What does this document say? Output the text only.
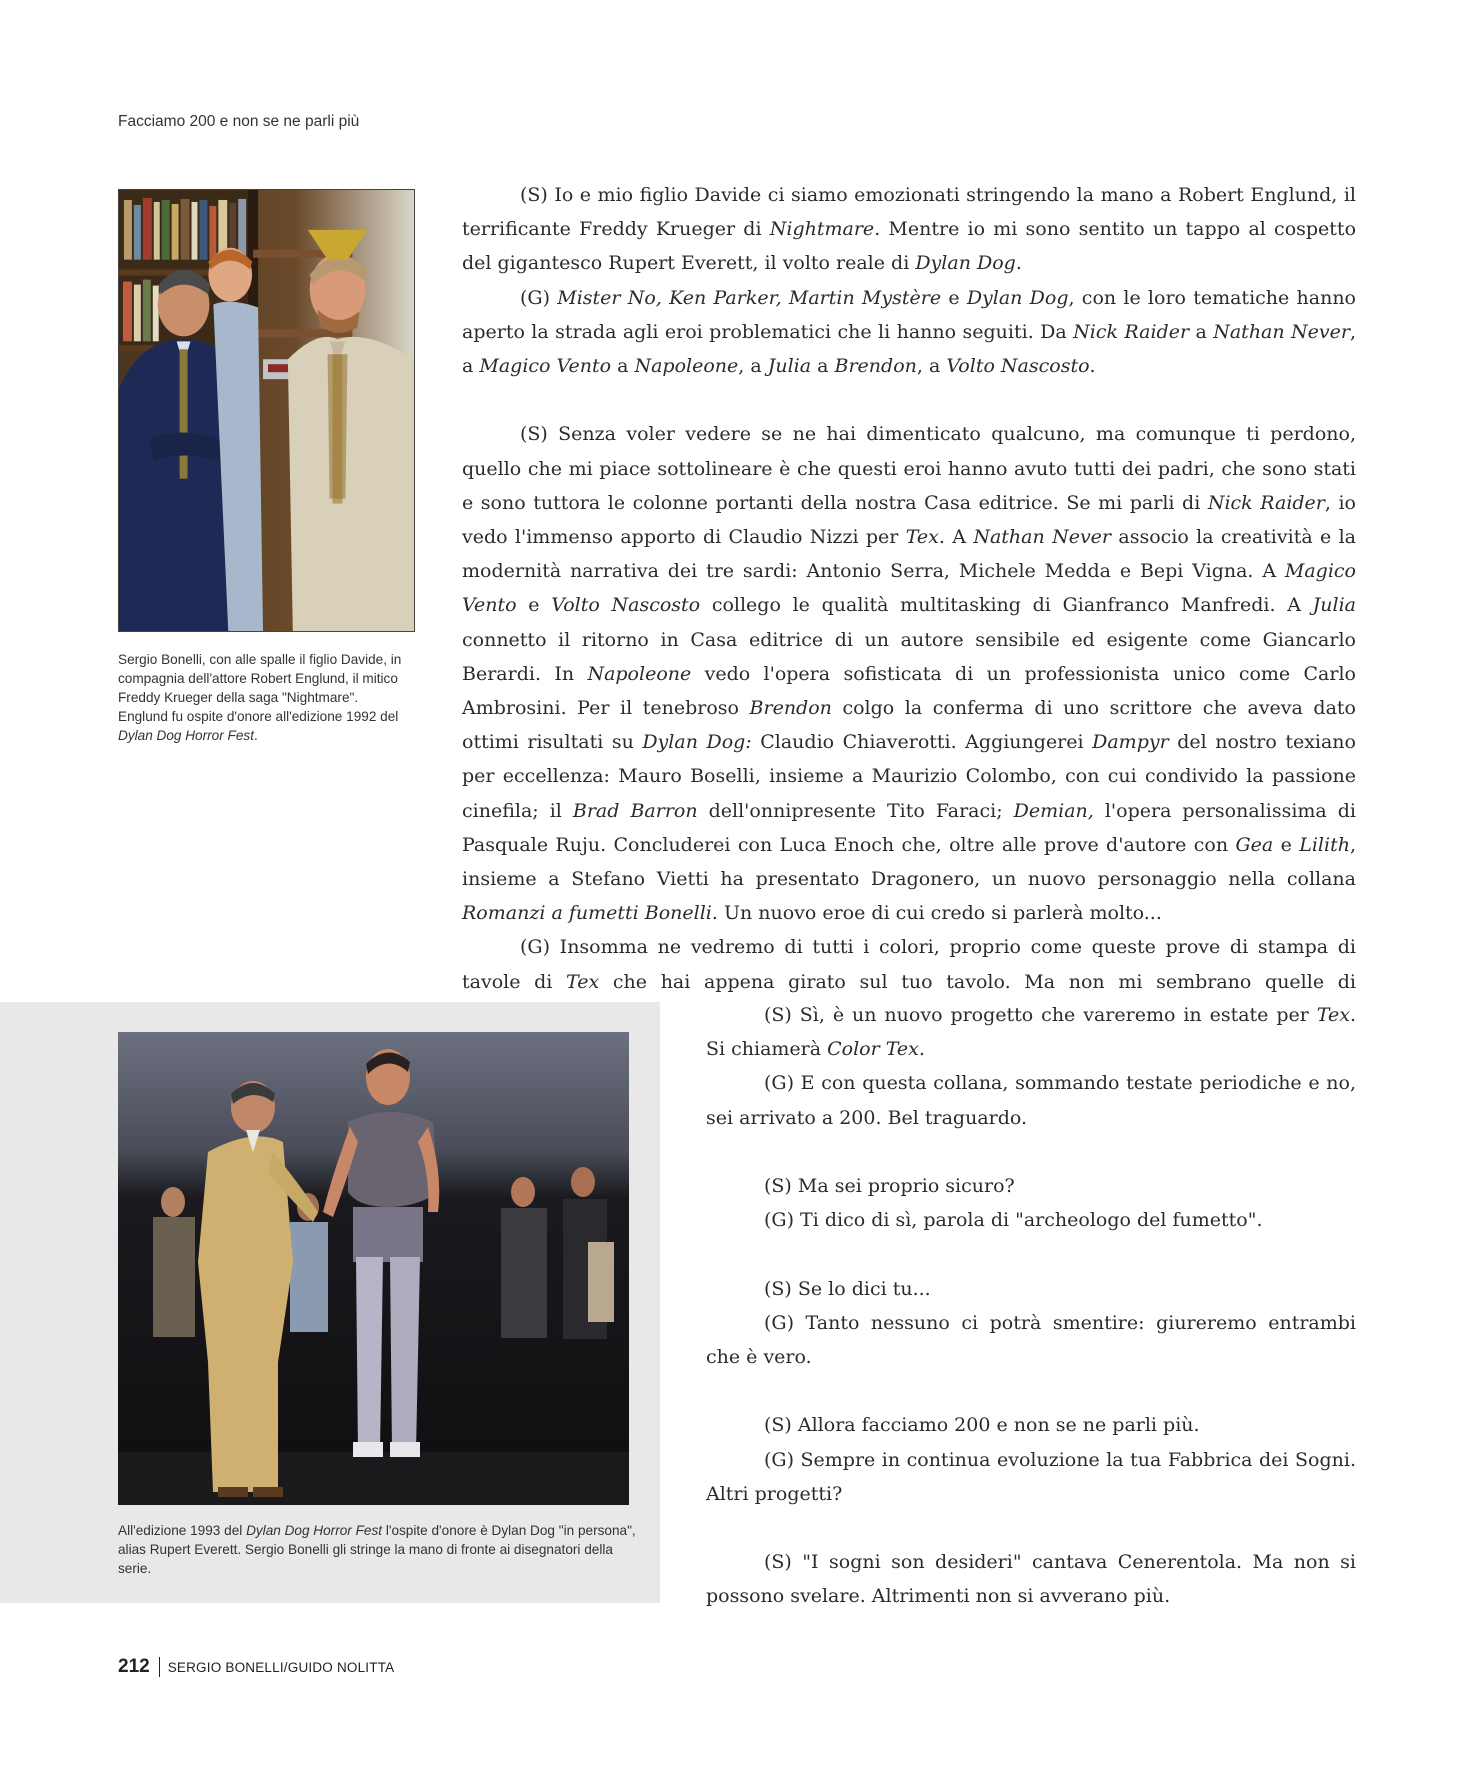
Facciamo 200 e non se ne parli più
Sergio Bonelli, con alle spalle il figlio Davide, in compagnia dell'attore Robert Englund, il mitico Freddy Krueger della saga "Nightmare". Englund fu ospite d'onore all'edizione 1992 del Dylan Dog Horror Fest.

(S) Io e mio figlio Davide ci siamo emozionati stringendo la mano a Robert Englund, il terrificante Freddy Krueger di Nightmare. Mentre io mi sono sentito un tappo al cospetto del gigantesco Rupert Everett, il volto reale di Dylan Dog.

(G) Mister No, Ken Parker, Martin Mystère e Dylan Dog, con le loro tematiche hanno aperto la strada agli eroi problematici che li hanno seguiti. Da Nick Raider a Nathan Never, a Magico Vento a Napoleone, a Julia a Brendon, a Volto Nascosto.

(S) Senza voler vedere se ne hai dimenticato qualcuno, ma comunque ti perdono, quello che mi piace sottolineare è che questi eroi hanno avuto tutti dei padri, che sono stati e sono tuttora le colonne portanti della nostra Casa editrice. Se mi parli di Nick Raider, io vedo l'immenso apporto di Claudio Nizzi per Tex. A Nathan Never associo la creatività e la modernità narrativa dei tre sardi: Antonio Serra, Michele Medda e Bepi Vigna. A Magico Vento e Volto Nascosto collego le qualità multitasking di Gianfranco Manfredi. A Julia connetto il ritorno in Casa editrice di un autore sensibile ed esigente come Giancarlo Berardi. In Napoleone vedo l'opera sofisticata di un professionista unico come Carlo Ambrosini. Per il tenebroso Brendon colgo la conferma di uno scrittore che aveva dato ottimi risultati su Dylan Dog: Claudio Chiaverotti. Aggiungerei Dampyr del nostro texiano per eccellenza: Mauro Boselli, insieme a Maurizio Colombo, con cui condivido la passione cinefila; il Brad Barron dell'onnipresente Tito Faraci; Demian, l'opera personalissima di Pasquale Ruju. Concluderei con Luca Enoch che, oltre alle prove d'autore con Gea e Lilith, insieme a Stefano Vietti ha presentato Dragonero, un nuovo personaggio nella collana Romanzi a fumetti Bonelli. Un nuovo eroe di cui credo si parlerà molto...

(G) Insomma ne vedremo di tutti i colori, proprio come queste prove di stampa di tavole di Tex che hai appena girato sul tuo tavolo. Ma non mi sembrano quelle di

All'edizione 1993 del Dylan Dog Horror Fest l'ospite d'onore è Dylan Dog "in persona", alias Rupert Everett. Sergio Bonelli gli stringe la mano di fronte ai disegnatori della serie.

(S) Sì, è un nuovo progetto che vareremo in estate per Tex. Si chiamerà Color Tex.

(G) E con questa collana, sommando testate periodiche e no, sei arrivato a 200. Bel traguardo.

(S) Ma sei proprio sicuro?

(G) Ti dico di sì, parola di "archeologo del fumetto".

(S) Se lo dici tu...

(G) Tanto nessuno ci potrà smentire: giureremo entrambi che è vero.

(S) Allora facciamo 200 e non se ne parli più.

(G) Sempre in continua evoluzione la tua Fabbrica dei Sogni. Altri progetti?

(S) "I sogni son desideri" cantava Cenerentola. Ma non si possono svelare. Altrimenti non si avverano più.

212 SERGIO BONELLI/GUIDO NOLITTA
